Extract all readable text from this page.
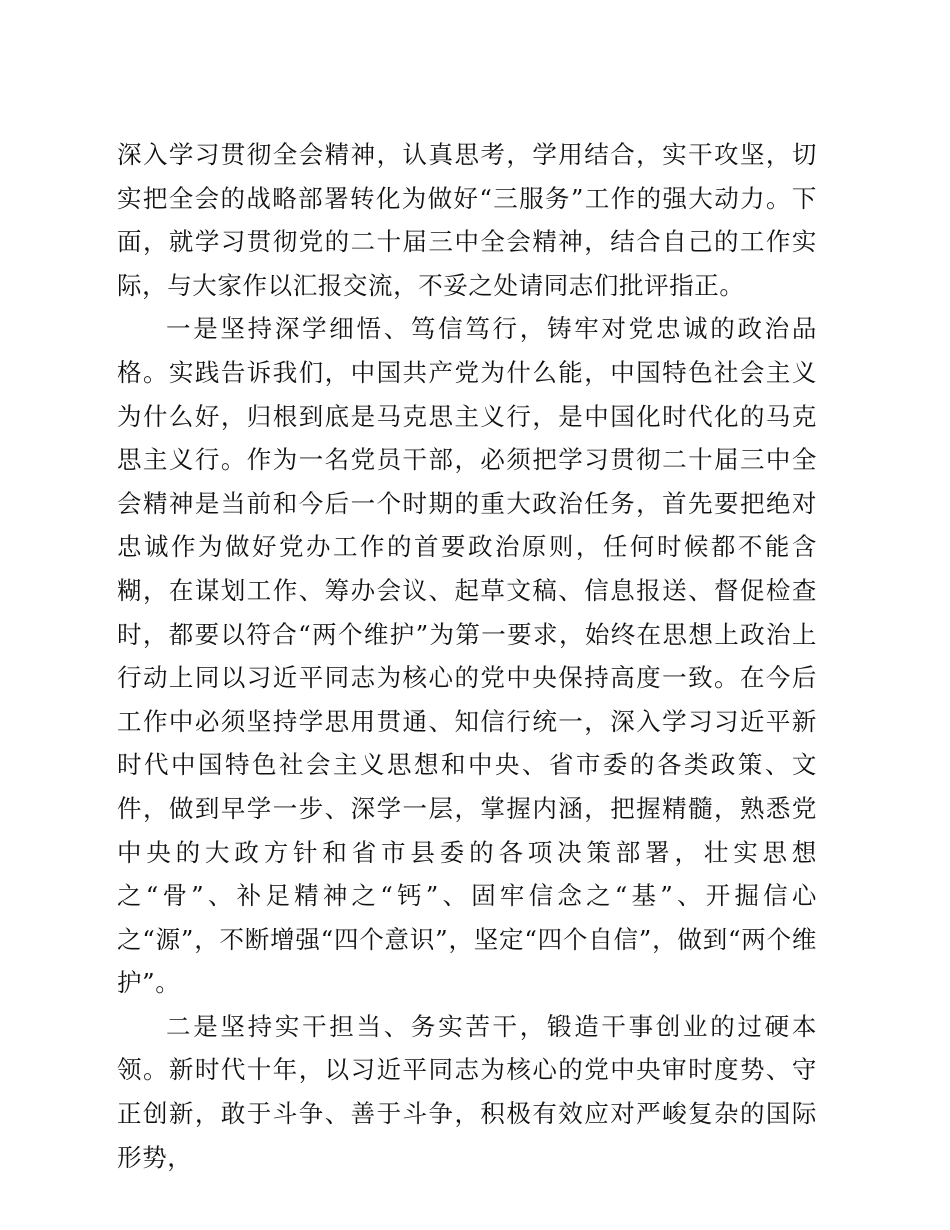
深入学习贯彻全会精神，认真思考，学用结合，实干攻坚，切实把全会的战略部署转化为做好“三服务”工作的强大动力。下面，就学习贯彻党的二十届三中全会精神，结合自己的工作实际，与大家作以汇报交流，不妥之处请同志们批评指正。

一是坚持深学细悟、笃信笃行，铸牢对党忠诚的政治品格。实践告诉我们，中国共产党为什么能，中国特色社会主义为什么好，归根到底是马克思主义行，是中国化时代化的马克思主义行。作为一名党员干部，必须把学习贯彻二十届三中全会精神是当前和今后一个时期的重大政治任务，首先要把绝对忠诚作为做好党办工作的首要政治原则，任何时候都不能含糊，在谋划工作、筹办会议、起草文稿、信息报送、督促检查时，都要以符合“两个维护”为第一要求，始终在思想上政治上行动上同以习近平同志为核心的党中央保持高度一致。在今后工作中必须坚持学思用贯通、知信行统一，深入学习习近平新时代中国特色社会主义思想和中央、省市委的各类政策、文件，做到早学一步、深学一层，掌握内涵，把握精髓，熟悉党中央的大政方针和省市县委的各项决策部署，壮实思想之“骨”、补足精神之“钙”、固牢信念之“基”、开掘信心之“源”，不断增强“四个意识”，坚定“四个自信”，做到“两个维护”。

二是坚持实干担当、务实苦干，锻造干事创业的过硬本领。新时代十年，以习近平同志为核心的党中央审时度势、守正创新，敢于斗争、善于斗争，积极有效应对严峻复杂的国际形势，
